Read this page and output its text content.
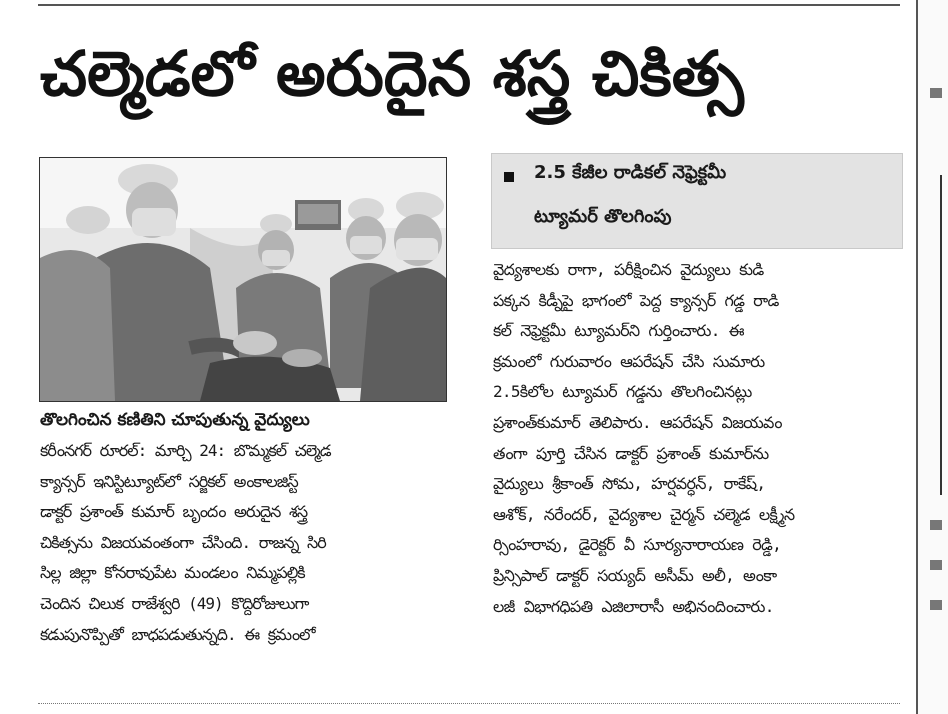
చల్మెడలో అరుదైన శస్త్ర చికిత్స
తొలగించిన కణితిని చూపుతున్న వైద్యులు
2.5 కేజీల రాడికల్ నెఫ్రెక్టమీ
ట్యూమర్ తొలగింపు
కరీంనగర్ రూరల్: మార్చి 24: బొమ్మకల్ చల్మెడ
క్యాన్సర్ ఇనిస్టిట్యూట్‌లో సర్జికల్ అంకాలజిస్ట్
డాక్టర్ ప్రశాంత్ కుమార్ బృందం అరుదైన శస్త్ర
చికిత్సను విజయవంతంగా చేసింది. రాజన్న సిరి
సిల్ల జిల్లా కోనరావుపేట మండలం నిమ్మపల్లికి
చెందిన చిలుక రాజేశ్వరి (49) కొద్దిరోజులుగా
కడుపునొప్పితో బాధపడుతున్నది. ఈ క్రమంలో
వైద్యశాలకు రాగా, పరీక్షించిన వైద్యులు కుడి
పక్కన కిడ్నీపై భాగంలో పెద్ద క్యాన్సర్ గడ్డ రాడి
కల్ నెఫ్రెక్టమీ ట్యూమర్‌ని గుర్తించారు. ఈ
క్రమంలో గురువారం ఆపరేషన్ చేసి సుమారు
2.5కిలోల ట్యూమర్ గడ్డను తొలగించినట్లు
ప్రశాంత్‌కుమార్ తెలిపారు. ఆపరేషన్ విజయవం
తంగా పూర్తి చేసిన డాక్టర్ ప్రశాంత్ కుమార్‌ను
వైద్యులు శ్రీకాంత్ సోమ, హర్షవర్ధన్, రాకేష్,
ఆశోక్, నరేందర్, వైద్యశాల చైర్మన్ చల్మెడ లక్ష్మీన
ర్సింహరావు, డైరెక్టర్ వీ సూర్యనారాయణ రెడ్డి,
ప్రిన్సిపాల్ డాక్టర్ సయ్యద్ అసీమ్ అలీ, అంకా
లజీ విభాగధిపతి ఎజిలారాసీ అభినందించారు.
